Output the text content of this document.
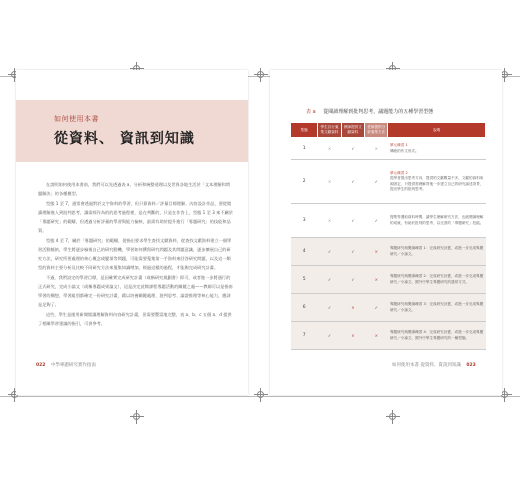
如何使用本書
從資料、 資訊到知識

在說明如何使用本書前，我們可以先透過表 a，分析和統整道理以及世界各地生活於「文本理解和問題解決」的各種模型。

型態 1 至 7，通常會透過對於文字資料的學習，但只靠資料／評量目標理解、內容設計作品，要從閱讀理解進入到批判思考，讀需經作為的的思考過程裡，是在判斷的，只是在作答上，型態 1 至 3 來不屬於「專題研究」的範疇，但透過分析評量的學習與能力檢核，最需有助於提升進行「專題研究」的技能和品質。

型態 4 至 7，屬於「專題研究」的範疇，從指出要求學生查找文獻資料，從查找文獻資料建立一個學習活動脈絡，學生將逐步檢視自己的研究動機，學習如何撰寫研究問題及其問題意識，逐步擴展自己的研究方法，研究所要處理的核心概念或變項等問題，可能需要蒐集第一手資料來回答研究問題，以及這一類型的資料主要分析及比較不同研究方法來蒐集知識增加，經過這樣的過程，才能夠完成研究計畫。

不過，我們設定的學習目標，是因確實完成研究計畫（或稱研究規劃書）即可，或者進一步將通行的正式研究，完成小論文（或稱專題成果論文），這是決定此類課程專題活動的關鍵之處——教師可以是指南學習的構想，學習組別都確定一份研究計畫，藉以培養關鍵處理、批判思考、論證推理等核心能力，應該是足夠了。

這些，學生是運用新聞閱讀理解資料內容研究計畫，但需要豐富地完整，表 a、b、c 五個 a、d 提供了相關學習建議的指引，可供參考。

022 中學專題研究實作指南
表 a 從閱讀理解到批判思考，議題能力的五種學習型態
型態	學生自行蒐集文獻資料	教師提供文獻資料	老師提供分析蒐集方法	說明
1	×	✓	×	單元練習 1
傳統的作文形式。
2	×	✓	✓	單元練習 2
從學者提出思考方向，提供的文獻數量不多，文獻的資料來源固定，只提供需理解背後一步建立自己的研究論述背景，提出學生的批判思考。
3	×	✓	✓	搜集等選取資料時間，讓學生理解研究方法，也就閱讀理解的成就，有助於批判的思考，以完善的「專題研究」技能。
4	✓	✓	×	專題研究與閱讀練習 1：完成研究計畫，或進一步完成專題研究／小論文。
5	✓	✓	×	專題研究與閱讀練習 2：完成研究計畫，或進一步完成專題研究／小論文，國外中學生專題研究的通常方式。
6	✓	×	✓	專題研究與閱讀練習 3：完成研究計畫，或進一步完成專題研究／小論文。
7	✓	×	×	專題研究與閱讀練習 4：完成研究計畫，或進一步完成專題研究／小論文，國外中學生專題研究的一種型態。
如何使用本書 從資料、資訊到知識 023
